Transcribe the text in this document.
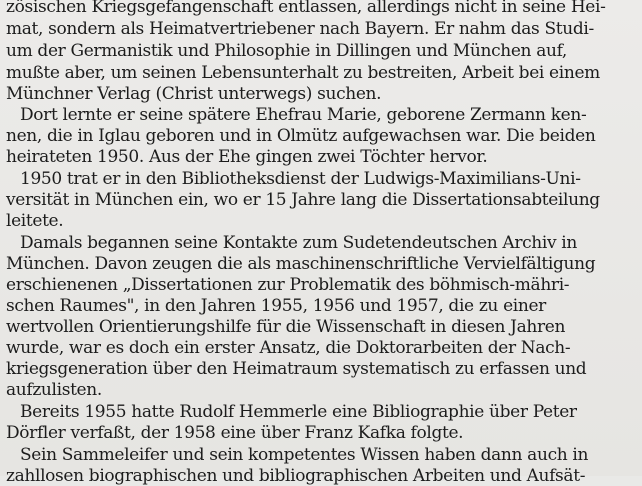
zösischen Kriegsgefangenschaft entlassen, allerdings nicht in seine Hei-
mat, sondern als Heimatvertriebener nach Bayern. Er nahm das Studi-
um der Germanistik und Philosophie in Dillingen und München auf,
mußte aber, um seinen Lebensunterhalt zu bestreiten, Arbeit bei einem
Münchner Verlag (Christ unterwegs) suchen.
Dort lernte er seine spätere Ehefrau Marie, geborene Zermann ken-
nen, die in Iglau geboren und in Olmütz aufgewachsen war. Die beiden
heirateten 1950. Aus der Ehe gingen zwei Töchter hervor.
1950 trat er in den Bibliotheksdienst der Ludwigs-Maximilians-Uni-
versität in München ein, wo er 15 Jahre lang die Dissertationsabteilung
leitete.
Damals begannen seine Kontakte zum Sudetendeutschen Archiv in
München. Davon zeugen die als maschinenschriftliche Vervielfältigung
erschienenen „Dissertationen zur Problematik des böhmisch-mähri-
schen Raumes", in den Jahren 1955, 1956 und 1957, die zu einer
wertvollen Orientierungshilfe für die Wissenschaft in diesen Jahren
wurde, war es doch ein erster Ansatz, die Doktorarbeiten der Nach-
kriegsgeneration über den Heimatraum systematisch zu erfassen und
aufzulisten.
Bereits 1955 hatte Rudolf Hemmerle eine Bibliographie über Peter
Dörfler verfaßt, der 1958 eine über Franz Kafka folgte.
Sein Sammeleifer und sein kompetentes Wissen haben dann auch in
zahllosen biographischen und bibliographischen Arbeiten und Aufsät-
